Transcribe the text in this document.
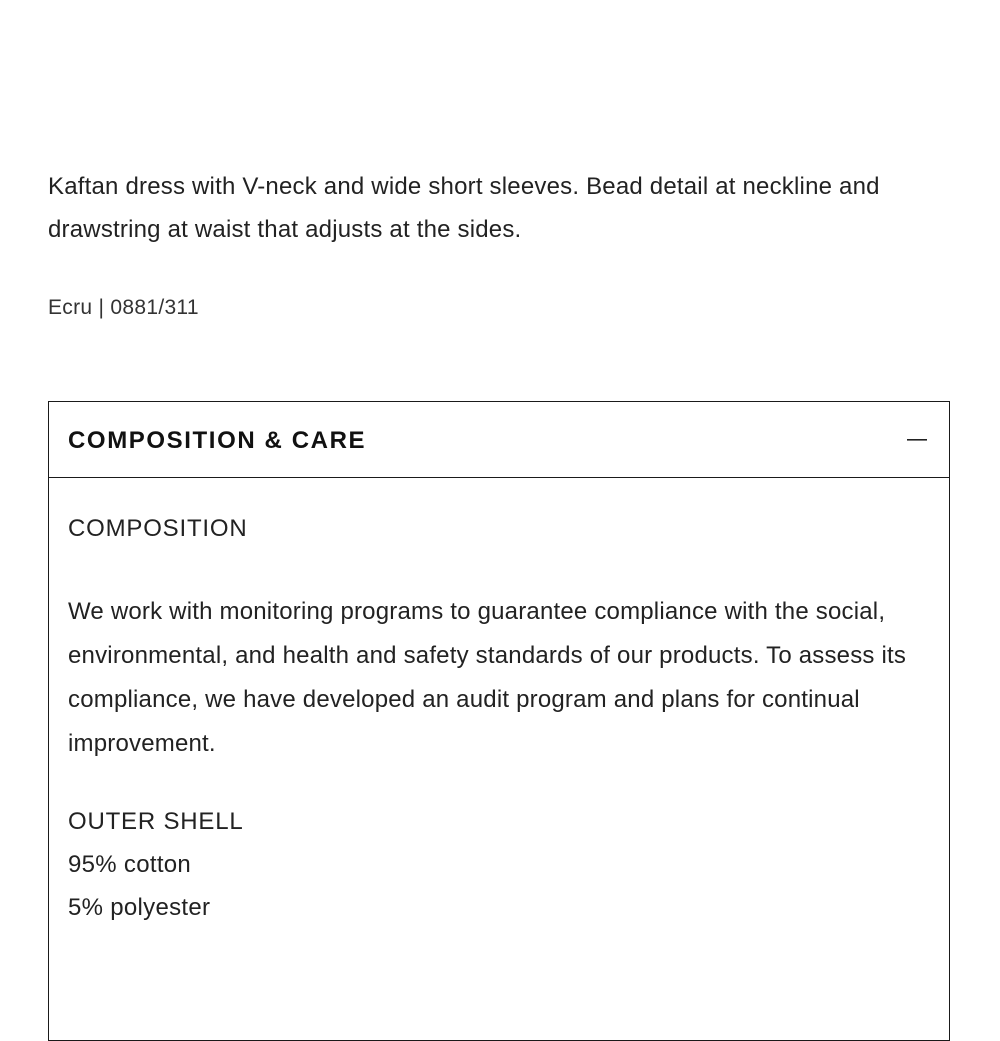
Kaftan dress with V-neck and wide short sleeves. Bead detail at neckline and drawstring at waist that adjusts at the sides.

Ecru | 0881/311

COMPOSITION & CARE
COMPOSITION

We work with monitoring programs to guarantee compliance with the social, environmental, and health and safety standards of our products. To assess its compliance, we have developed an audit program and plans for continual improvement.

OUTER SHELL
95% cotton
5% polyester
